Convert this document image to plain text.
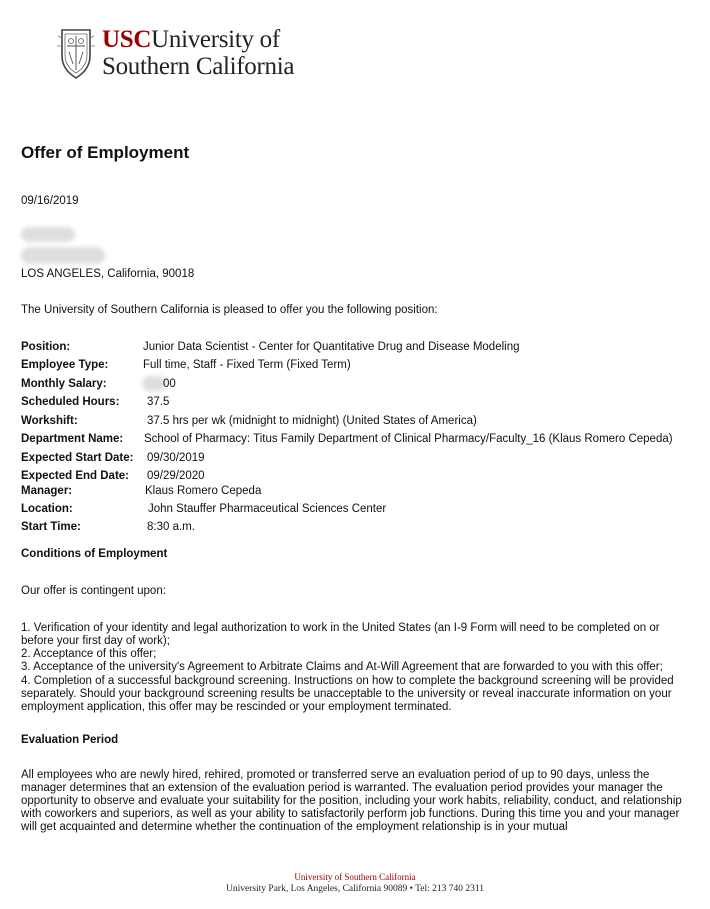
USCUniversity of
Southern California
Offer of Employment
09/16/2019
LOS ANGELES, California, 90018
The University of Southern California is pleased to offer you the following position:
Position:	Junior Data Scientist - Center for Quantitative Drug and Disease Modeling
Employee Type:	Full time, Staff - Fixed Term (Fixed Term)
Monthly Salary:	00
Scheduled Hours: 37.5
Workshift:	37.5 hrs per wk (midnight to midnight) (United States of America)
Department Name: School of Pharmacy: Titus Family Department of Clinical Pharmacy/Faculty_16 (Klaus Romero Cepeda)
Expected Start Date: 09/30/2019
Expected End Date: 09/29/2020
Manager:	Klaus Romero Cepeda
Location:	John Stauffer Pharmaceutical Sciences Center
Start Time:	8:30 a.m.
Conditions of Employment
Our offer is contingent upon:
1. Verification of your identity and legal authorization to work in the United States (an I-9 Form will need to be completed on or before your first day of work);
2. Acceptance of this offer;
3. Acceptance of the university's Agreement to Arbitrate Claims and At-Will Agreement that are forwarded to you with this offer;
4. Completion of a successful background screening. Instructions on how to complete the background screening will be provided separately. Should your background screening results be unacceptable to the university or reveal inaccurate information on your employment application, this offer may be rescinded or your employment terminated.
Evaluation Period
All employees who are newly hired, rehired, promoted or transferred serve an evaluation period of up to 90 days, unless the manager determines that an extension of the evaluation period is warranted. The evaluation period provides your manager the opportunity to observe and evaluate your suitability for the position, including your work habits, reliability, conduct, and relationship with coworkers and superiors, as well as your ability to satisfactorily perform job functions. During this time you and your manager will get acquainted and determine whether the continuation of the employment relationship is in your mutual
University of Southern California
University Park, Los Angeles, California 90089 • Tel: 213 740 2311
